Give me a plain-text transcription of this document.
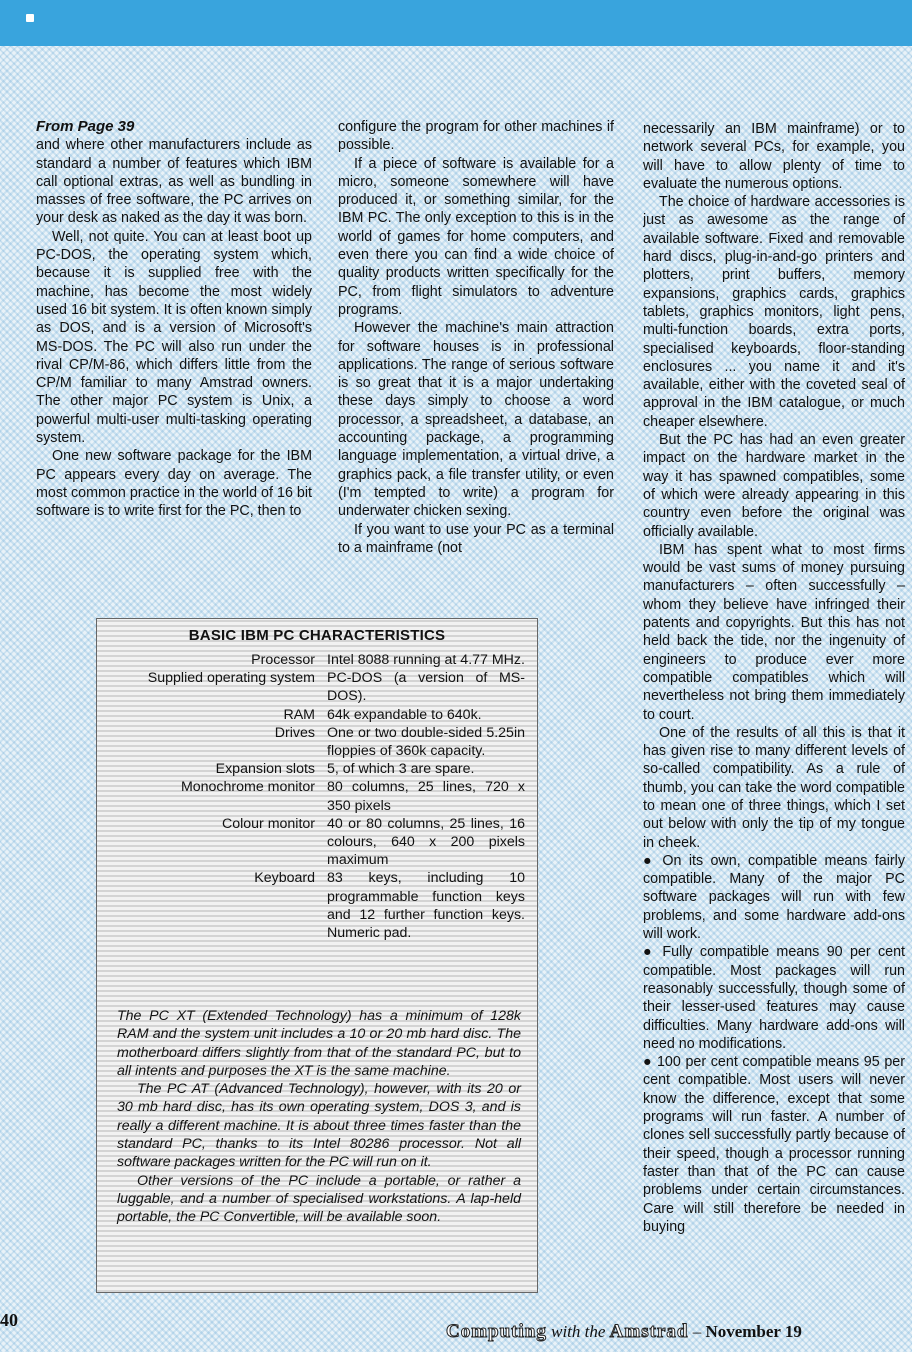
From Page 39

and where other manufacturers include as standard a number of features which IBM call optional extras, as well as bundling in masses of free software, the PC arrives on your desk as naked as the day it was born.

Well, not quite. You can at least boot up PC-DOS, the operating system which, because it is supplied free with the machine, has become the most widely used 16 bit system. It is often known simply as DOS, and is a version of Microsoft's MS-DOS. The PC will also run under the rival CP/M-86, which differs little from the CP/M familiar to many Amstrad owners. The other major PC system is Unix, a powerful multi-user multi-tasking operating system.

One new software package for the IBM PC appears every day on average. The most common practice in the world of 16 bit software is to write first for the PC, then to

configure the program for other machines if possible.

If a piece of software is available for a micro, someone somewhere will have produced it, or something similar, for the IBM PC. The only exception to this is in the world of games for home computers, and even there you can find a wide choice of quality products written specifically for the PC, from flight simulators to adventure programs.

However the machine's main attraction for software houses is in professional applications. The range of serious software is so great that it is a major undertaking these days simply to choose a word processor, a spreadsheet, a database, an accounting package, a programming language implementation, a virtual drive, a graphics pack, a file transfer utility, or even (I'm tempted to write) a program for underwater chicken sexing.

If you want to use your PC as a terminal to a mainframe (not

necessarily an IBM mainframe) or to network several PCs, for example, you will have to allow plenty of time to evaluate the numerous options.

The choice of hardware accessories is just as awesome as the range of available software. Fixed and removable hard discs, plug-in-and-go printers and plotters, print buffers, memory expansions, graphics cards, graphics tablets, graphics monitors, light pens, multi-function boards, extra ports, specialised keyboards, floor-standing enclosures ... you name it and it's available, either with the coveted seal of approval in the IBM catalogue, or much cheaper elsewhere.

But the PC has had an even greater impact on the hardware market in the way it has spawned compatibles, some of which were already appearing in this country even before the original was officially available.

IBM has spent what to most firms would be vast sums of money pursuing manufacturers – often successfully – whom they believe have infringed their patents and copyrights. But this has not held back the tide, nor the ingenuity of engineers to produce ever more compatible compatibles which will nevertheless not bring them immediately to court.

One of the results of all this is that it has given rise to many different levels of so-called compatibility. As a rule of thumb, you can take the word compatible to mean one of three things, which I set out below with only the tip of my tongue in cheek.

● On its own, compatible means fairly compatible. Many of the major PC software packages will run with few problems, and some hardware add-ons will work.

● Fully compatible means 90 per cent compatible. Most packages will run reasonably successfully, though some of their lesser-used features may cause difficulties. Many hardware add-ons will need no modifications.

● 100 per cent compatible means 95 per cent compatible. Most users will never know the difference, except that some programs will run faster. A number of clones sell successfully partly because of their speed, though a processor running faster than that of the PC can cause problems under certain circumstances. Care will still therefore be needed in buying

BASIC IBM PC CHARACTERISTICS
Processor Intel 8088 running at 4.77 MHz.
Supplied operating system PC-DOS (a version of MS-DOS).
RAM 64k expandable to 640k.
Drives One or two double-sided 5.25in floppies of 360k capacity.
Expansion slots 5, of which 3 are spare.
Monochrome monitor 80 columns, 25 lines, 720 x 350 pixels
Colour monitor 40 or 80 columns, 25 lines, 16 colours, 640 x 200 pixels maximum
Keyboard 83 keys, including 10 programmable function keys and 12 further function keys. Numeric pad.

The PC XT (Extended Technology) has a minimum of 128k RAM and the system unit includes a 10 or 20 mb hard disc. The motherboard differs slightly from that of the standard PC, but to all intents and purposes the XT is the same machine.

The PC AT (Advanced Technology), however, with its 20 or 30 mb hard disc, has its own operating system, DOS 3, and is really a different machine. It is about three times faster than the standard PC, thanks to its Intel 80286 processor. Not all software packages written for the PC will run on it.

Other versions of the PC include a portable, or rather a luggable, and a number of specialised workstations. A lap-held portable, the PC Convertible, will be available soon.

40
Computing with the Amstrad – November 19
